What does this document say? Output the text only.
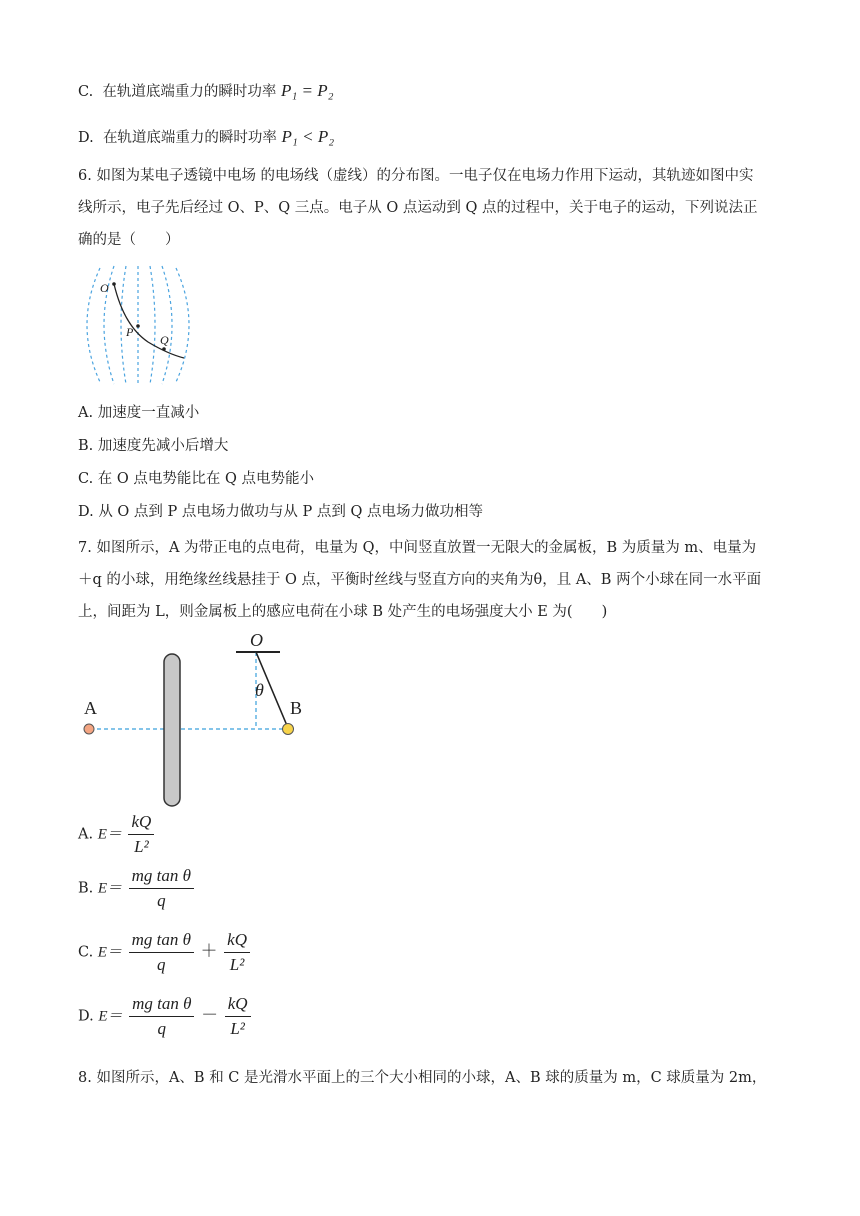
C. 在轨道底端重力的瞬时功率 P₁ = P₂
D. 在轨道底端重力的瞬时功率 P₁ < P₂
6. 如图为某电子透镜中电场 的电场线（虚线）的分布图。一电子仅在电场力作用下运动，其轨迹如图中实
线所示，电子先后经过 O、P、Q 三点。电子从 O 点运动到 Q 点的过程中，关于电子的运动，下列说法正
确的是（　　）
O
P
Q
A. 加速度一直减小
B. 加速度先减小后增大
C. 在 O 点电势能比在 Q 点电势能小
D. 从 O 点到 P 点电场力做功与从 P 点到 Q 点电场力做功相等
7. 如图所示，A 为带正电的点电荷，电量为 Q，中间竖直放置一无限大的金属板，B 为质量为 m、电量为
＋q 的小球，用绝缘丝线悬挂于 O 点，平衡时丝线与竖直方向的夹角为θ，且 A、B 两个小球在同一水平面
上，间距为 L，则金属板上的感应电荷在小球 B 处产生的电场强度大小 E 为(　　)
O
θ
A	B
A. $E= \frac{kQ}{\text{L²}}$
B. $E= \frac{\text{mg tan θ}}{q}$
C. $E= \frac{\text{mg tan θ}}{q} + \frac{kQ}{\text{L²}}$
D. $E= \frac{\text{mg tan θ}}{q} - \frac{kQ}{\text{L²}}$
8. 如图所示，A、B 和 C 是光滑水平面上的三个大小相同的小球，A、B 球的质量为 m，C 球质量为 2m，
